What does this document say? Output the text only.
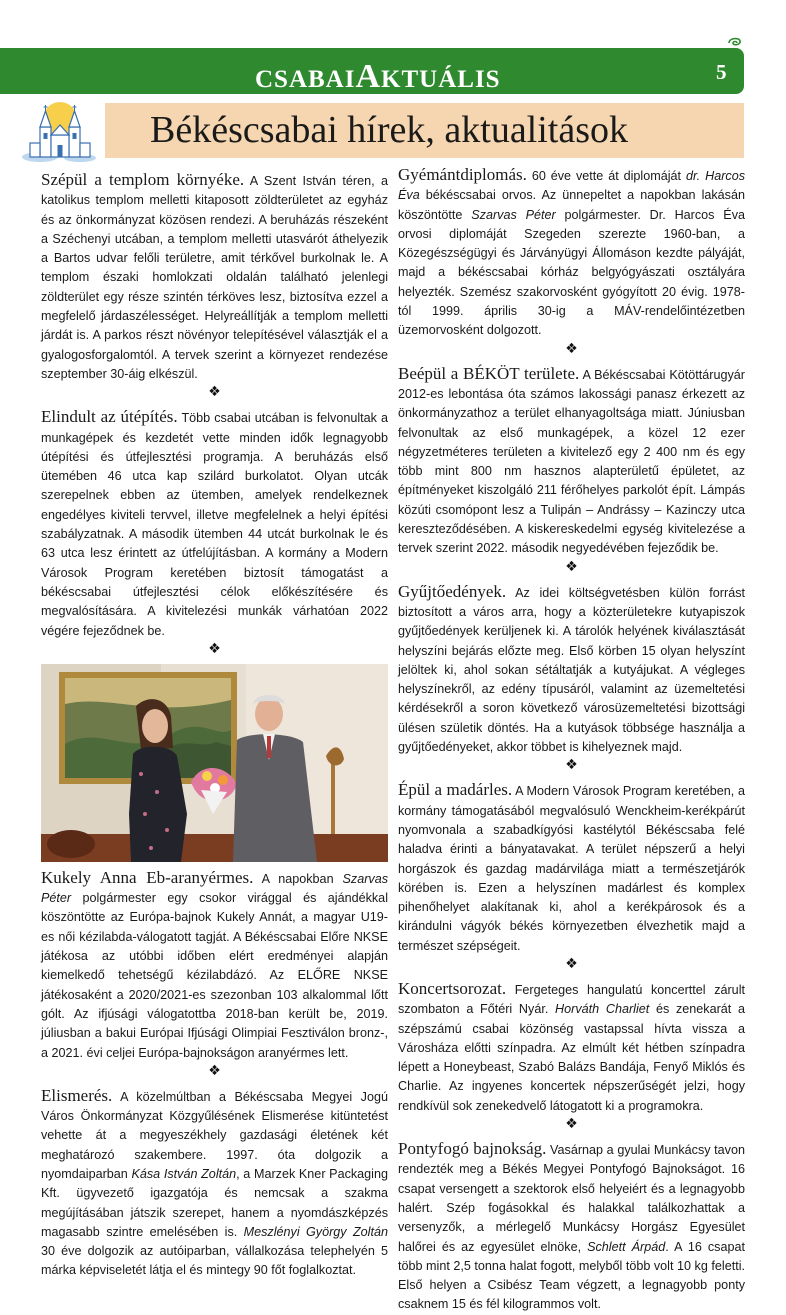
CSABAIAKTUÁLIS	5
Békéscsabai hírek, aktualitások

Szépül a templom környéke. A Szent István téren, a katolikus templom melletti kitaposott zöldterületet az egyház és az önkormányzat közösen rendezi. A beruházás részeként a Széchenyi utcában, a templom melletti utasvárót áthelyezik a Bartos udvar felőli területre, amit térkővel burkolnak le. A templom északi homlokzati oldalán található jelenlegi zöldterület egy része szintén térköves lesz, biztosítva ezzel a megfelelő járdaszélességet. Helyreállítják a templom melletti járdát is. A parkos részt növényor telepítésével választják el a gyalogosforgalomtól. A tervek szerint a környezet rendezése szeptember 30-áig elkészül.

❖

Elindult az útépítés. Több csabai utcában is felvonultak a munkagépek és kezdetét vette minden idők legnagyobb útépítési és útfejlesztési programja. A beruházás első ütemében 46 utca kap szilárd burkolatot. Olyan utcák szerepelnek ebben az ütemben, amelyek rendelkeznek engedélyes kiviteli tervvel, illetve megfelelnek a helyi építési szabályzatnak. A második ütemben 44 utcát burkolnak le és 63 utca lesz érintett az útfelújításban. A kormány a Modern Városok Program keretében biztosít támogatást a békéscsabai útfejlesztési célok előkészítésére és megvalósítására. A kivitelezési munkák várhatóan 2022 végére fejeződnek be.

❖

Kukely Anna Eb-aranyérmes. A napokban Szarvas Péter polgármester egy csokor virággal és ajándékkal köszöntötte az Európa-bajnok Kukely Annát, a magyar U19-es női kézilabda-válogatott tagját. A Békéscsabai Előre NKSE játékosa az utóbbi időben elért eredményei alapján kiemelkedő tehetségű kézilabdázó. Az ELŐRE NKSE játékosaként a 2020/2021-es szezonban 103 alkalommal lőtt gólt. Az ifjúsági válogatottba 2018-ban került be, 2019. júliusban a bakui Európai Ifjúsági Olimpiai Fesztiválon bronz-, a 2021. évi celjei Európa-bajnokságon aranyérmes lett.

❖

Elismerés. A közelmúltban a Békéscsaba Megyei Jogú Város Önkormányzat Közgyűlésének Elismerése kitüntetést vehette át a megyeszékhely gazdasági életének két meghatározó szakembere. 1997. óta dolgozik a nyomdaiparban Kása István Zoltán, a Marzek Kner Packaging Kft. ügyvezető igazgatója és nemcsak a szakma megújításában játszik szerepet, hanem a nyomdászképzés magasabb szintre emelésében is. Meszlényi György Zoltán 30 éve dolgozik az autóiparban, vállalkozása telephelyén 5 márka képviseletét látja el és mintegy 90 főt foglalkoztat.

Gyémántdiplomás. 60 éve vette át diplomáját dr. Harcos Éva békéscsabai orvos. Az ünnepeltet a napokban lakásán köszöntötte Szarvas Péter polgármester. Dr. Harcos Éva orvosi diplomáját Szegeden szerezte 1960-ban, a Közegészségügyi és Járványügyi Állomáson kezdte pályáját, majd a békéscsabai kórház belgyógyászati osztályára helyezték. Szemész szakorvosként gyógyított 20 évig. 1978-tól 1999. április 30-ig a MÁV-rendelőintézetben üzemorvosként dolgozott.

❖

Beépül a BÉKÖT területe. A Békéscsabai Kötöttárugyár 2012-es lebontása óta számos lakossági panasz érkezett az önkormányzathoz a terület elhanyagoltsága miatt. Júniusban felvonultak az első munkagépek, a közel 12 ezer négyzetméteres területen a kivitelező egy 2 400 nm és egy több mint 800 nm hasznos alapterületű épületet, az építményeket kiszolgáló 211 férőhelyes parkolót épít. Lámpás közúti csomópont lesz a Tulipán – Andrássy – Kazinczy utca kereszteződésében. A kiskereskedelmi egység kivitelezése a tervek szerint 2022. második negyedévében fejeződik be.

❖

Gyűjtőedények. Az idei költségvetésben külön forrást biztosított a város arra, hogy a közterületekre kutyapiszok gyűjtőedények kerüljenek ki. A tárolók helyének kiválasztását helyszíni bejárás előzte meg. Első körben 15 olyan helyszínt jelöltek ki, ahol sokan sétáltatják a kutyájukat. A végleges helyszínekről, az edény típusáról, valamint az üzemeltetési kérdésekről a soron következő városüzemeltetési bizottsági ülésen születik döntés. Ha a kutyások többsége használja a gyűjtőedényeket, akkor többet is kihelyeznek majd.

❖

Épül a madárles. A Modern Városok Program keretében, a kormány támogatásából megvalósuló Wenckheim-kerékpárút nyomvonala a szabadkígyósi kastélytól Békéscsaba felé haladva érinti a bányatavakat. A terület népszerű a helyi horgászok és gazdag madárvilága miatt a természetjárók körében is. Ezen a helyszínen madárlest és komplex pihenőhelyet alakítanak ki, ahol a kerékpárosok és a kirándulni vágyók békés környezetben élvezhetik majd a természet szépségeit.

❖

Koncertsorozat. Fergeteges hangulatú koncerttel zárult szombaton a Főtéri Nyár. Horváth Charliet és zenekarát a szépszámú csabai közönség vastapssal hívta vissza a Városháza előtti színpadra. Az elmúlt két hétben színpadra lépett a Honeybeast, Szabó Balázs Bandája, Fenyő Miklós és Charlie. Az ingyenes koncertek népszerűségét jelzi, hogy rendkívül sok zenekedvelő látogatott ki a programokra.

❖

Pontyfogó bajnokság. Vasárnap a gyulai Munkácsy tavon rendezték meg a Békés Megyei Pontyfogó Bajnokságot. 16 csapat versengett a szektorok első helyeiért és a legnagyobb halért. Szép fogásokkal és halakkal találkozhattak a versenyzők, a mérlegelő Munkácsy Horgász Egyesület halőrei és az egyesület elnöke, Schlett Árpád. A 16 csapat több mint 2,5 tonna halat fogott, melyből több volt 10 kg feletti. Első helyen a Csibész Team végzett, a legnagyobb ponty csaknem 15 és fél kilogrammos volt.
